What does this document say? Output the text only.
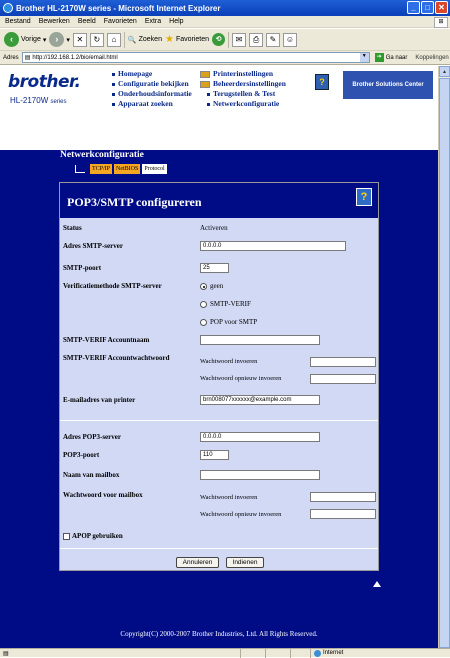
Brother HL-2170W series - Microsoft Internet Explorer	_	□	✕
Bestand Bewerken Beeld Favorieten Extra Help	⊞
‹	Vorige ▾	›	▾ ✕	↻	⌂	🔍 Zoeken ★ Favorieten ⟲	✉	⎙	✎	☺
Adres ▤ http://192.168.1.2/bio/email.html	▼	➔ Ga naar Koppelingen
brother.
HL-2170W series
Homepage
Configuratie bekijken
Onderhoudsinformatie
Apparaat zoeken
Printerinstellingen
Beheerdersinstellingen
Terugstellen & Test
Netwerkconfiguratie
?	Brother Solutions Center
▲
Netwerkconfiguratie
TCP/IP	NetBIOS	Protocol
POP3/SMTP configureren	?
Status	Activeren
Adres SMTP-server	0.0.0.0
SMTP-poort	25
Verificatiemethode SMTP-server	geen
SMTP-VERIF
POP voor SMTP
SMTP-VERIF Accountnaam
SMTP-VERIF Accountwachtwoord	Wachtwoord invoeren
Wachtwoord opnieuw invoeren
E-mailadres van printer	brn008077xxxxxx@example.com
Adres POP3-server	0.0.0.0
POP3-poort	110
Naam van mailbox
Wachtwoord voor mailbox	Wachtwoord invoeren
Wachtwoord opnieuw invoeren
APOP gebruiken
Annuleren	Indienen
Copyright(C) 2000-2007 Brother Industries, Ltd. All Rights Reserved.
▤	Internet
